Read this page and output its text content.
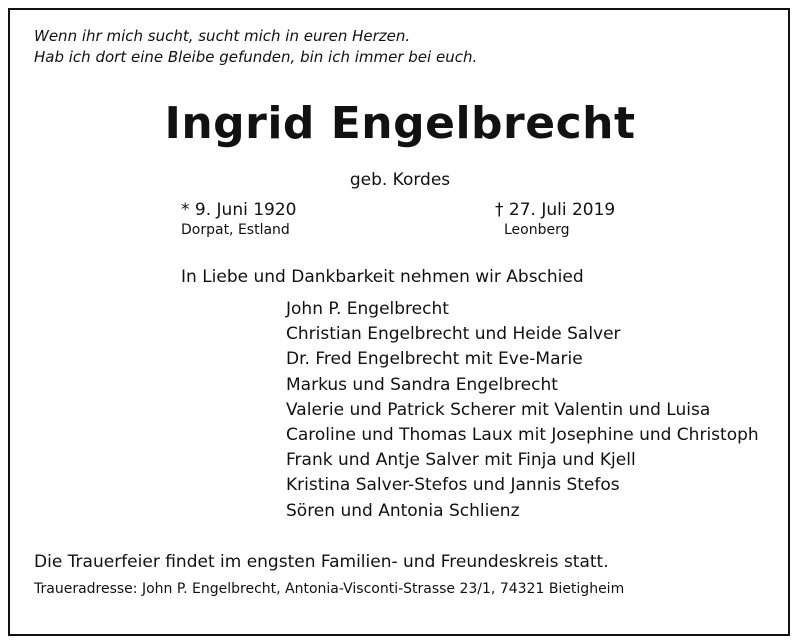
Wenn ihr mich sucht, sucht mich in euren Herzen.
Hab ich dort eine Bleibe gefunden, bin ich immer bei euch.
Ingrid Engelbrecht
geb. Kordes
* 9. Juni 1920
Dorpat, Estland
† 27. Juli 2019
Leonberg
In Liebe und Dankbarkeit nehmen wir Abschied
John P. Engelbrecht
Christian Engelbrecht und Heide Salver
Dr. Fred Engelbrecht mit Eve-Marie
Markus und Sandra Engelbrecht
Valerie und Patrick Scherer mit Valentin und Luisa
Caroline und Thomas Laux mit Josephine und Christoph
Frank und Antje Salver mit Finja und Kjell
Kristina Salver-Stefos und Jannis Stefos
Sören und Antonia Schlienz
Die Trauerfeier findet im engsten Familien- und Freundeskreis statt.
Traueradresse: John P. Engelbrecht, Antonia-Visconti-Strasse 23/1, 74321 Bietigheim
